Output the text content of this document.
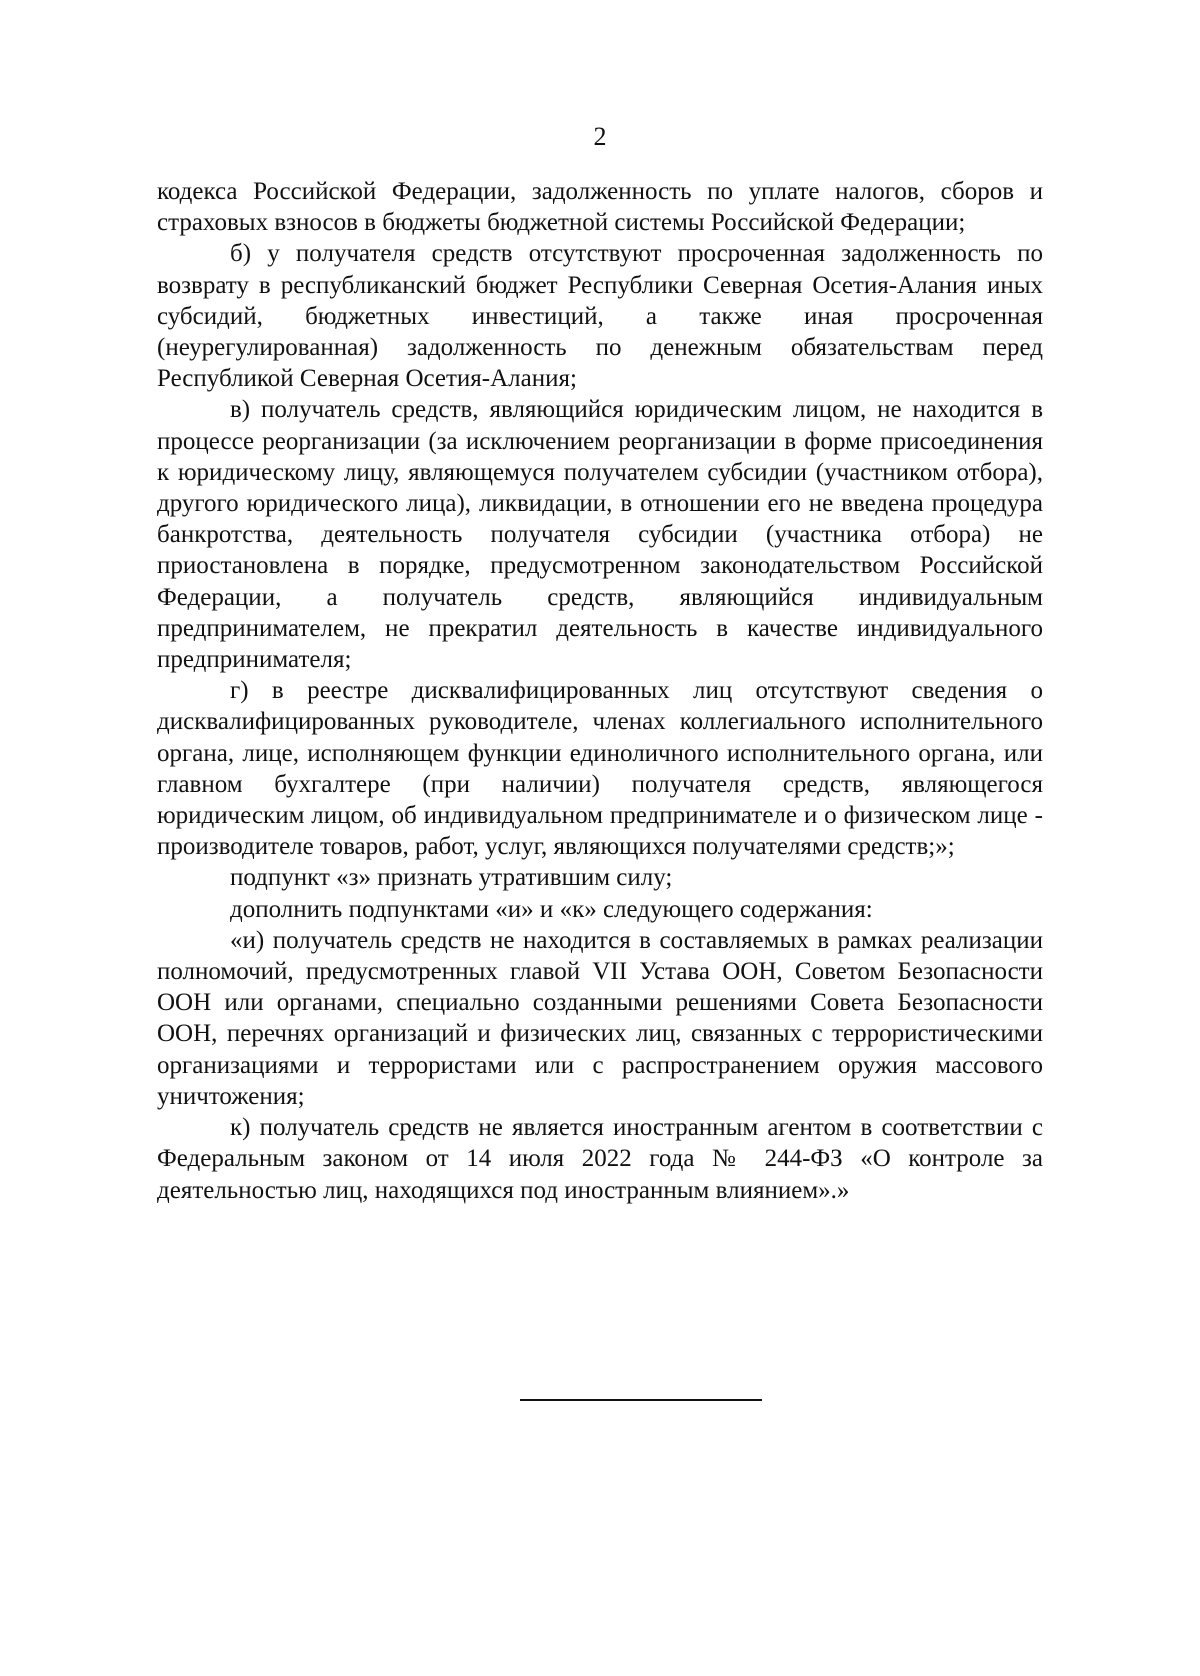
2

кодекса Российской Федерации, задолженность по уплате налогов, сборов и страховых взносов в бюджеты бюджетной системы Российской Федерации;

б) у получателя средств отсутствуют просроченная задолженность по возврату в республиканский бюджет Республики Северная Осетия-Алания иных субсидий, бюджетных инвестиций, а также иная просроченная (неурегулированная) задолженность по денежным обязательствам перед Республикой Северная Осетия-Алания;

в) получатель средств, являющийся юридическим лицом, не находится в процессе реорганизации (за исключением реорганизации в форме присоединения к юридическому лицу, являющемуся получателем субсидии (участником отбора), другого юридического лица), ликвидации, в отношении его не введена процедура банкротства, деятельность получателя субсидии (участника отбора) не приостановлена в порядке, предусмотренном законодательством Российской Федерации, а получатель средств, являющийся индивидуальным предпринимателем, не прекратил деятельность в качестве индивидуального предпринимателя;

г) в реестре дисквалифицированных лиц отсутствуют сведения о дисквалифицированных руководителе, членах коллегиального исполнительного органа, лице, исполняющем функции единоличного исполнительного органа, или главном бухгалтере (при наличии) получателя средств, являющегося юридическим лицом, об индивидуальном предпринимателе и о физическом лице - производителе товаров, работ, услуг, являющихся получателями средств;»;

подпункт «з» признать утратившим силу;

дополнить подпунктами «и» и «к» следующего содержания:

«и) получатель средств не находится в составляемых в рамках реализации полномочий, предусмотренных главой VII Устава ООН, Советом Безопасности ООН или органами, специально созданными решениями Совета Безопасности ООН, перечнях организаций и физических лиц, связанных с террористическими организациями и террористами или с распространением оружия массового уничтожения;

к) получатель средств не является иностранным агентом в соответствии с Федеральным законом от 14 июля 2022 года № 244-ФЗ «О контроле за деятельностью лиц, находящихся под иностранным влиянием».»
